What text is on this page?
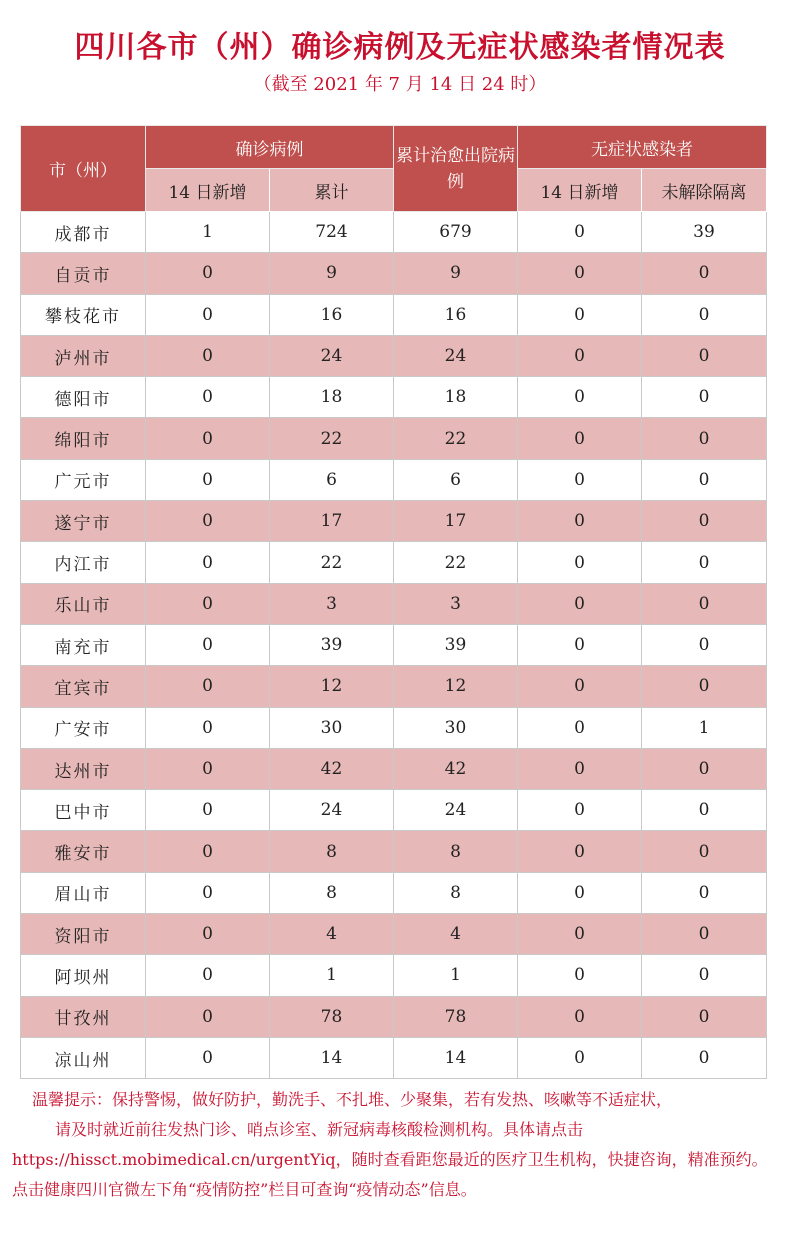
四川各市（州）确诊病例及无症状感染者情况表
（截至 2021 年 7 月 14 日 24 时）
市（州）	确诊病例		累计治愈出院病例	无症状感染者	
	14 日新增	累计		14 日新增	未解除隔离
成都市	1	724	679	0	39
自贡市	0	9	9	0	0
攀枝花市	0	16	16	0	0
泸州市	0	24	24	0	0
德阳市	0	18	18	0	0
绵阳市	0	22	22	0	0
广元市	0	6	6	0	0
遂宁市	0	17	17	0	0
内江市	0	22	22	0	0
乐山市	0	3	3	0	0
南充市	0	39	39	0	0
宜宾市	0	12	12	0	0
广安市	0	30	30	0	1
达州市	0	42	42	0	0
巴中市	0	24	24	0	0
雅安市	0	8	8	0	0
眉山市	0	8	8	0	0
资阳市	0	4	4	0	0
阿坝州	0	1	1	0	0
甘孜州	0	78	78	0	0
凉山州	0	14	14	0	0
温馨提示：保持警惕，做好防护，勤洗手、不扎堆、少聚集，若有发热、咳嗽等不适症状，
请及时就近前往发热门诊、哨点诊室、新冠病毒核酸检测机构。具体请点击
https://hissct.mobimedical.cn/urgentYiq，随时查看距您最近的医疗卫生机构，快捷咨询，精准预约。
点击健康四川官微左下角“疫情防控”栏目可查询“疫情动态”信息。
